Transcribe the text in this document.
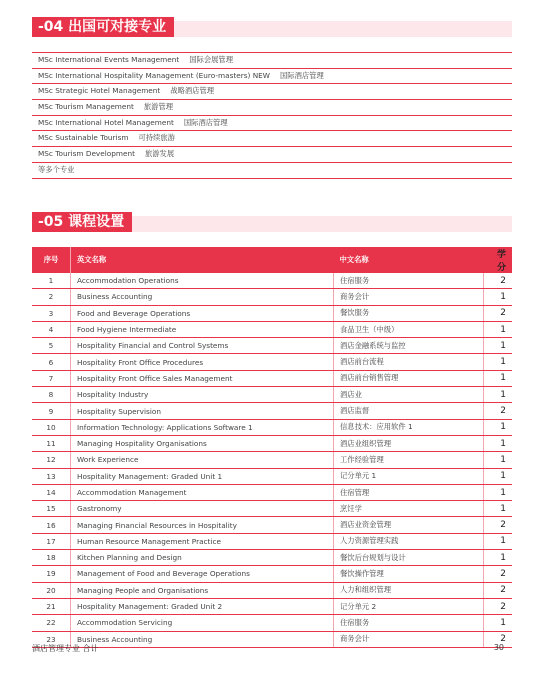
-04 出国可对接专业
MSc International Events Management 国际会展管理
MSc International Hospitality Management (Euro-masters) NEW 国际酒店管理
MSc Strategic Hotel Management 战略酒店管理
MSc Tourism Management 旅游管理
MSc International Hotel Management 国际酒店管理
MSc Sustainable Tourism 可持续旅游
MSc Tourism Development 旅游发展
等多个专业
-05 课程设置
序号	英文名称	中文名称	学分
1	Accommodation Operations	住宿服务	2
2	Business Accounting	商务会计	1
3	Food and Beverage Operations	餐饮服务	2
4	Food Hygiene Intermediate	食品卫生（中级）	1
5	Hospitality Financial and Control Systems	酒店金融系统与监控	1
6	Hospitality Front Office Procedures	酒店前台流程	1
7	Hospitality Front Office Sales Management	酒店前台销售管理	1
8	Hospitality Industry	酒店业	1
9	Hospitality Supervision	酒店监督	2
10	Information Technology: Applications Software 1	信息技术：应用软件 1	1
11	Managing Hospitality Organisations	酒店业组织管理	1
12	Work Experience	工作经验管理	1
13	Hospitality Management: Graded Unit 1	记分单元 1	1
14	Accommodation Management	住宿管理	1
15	Gastronomy	烹饪学	1
16	Managing Financial Resources in Hospitality	酒店业资金管理	2
17	Human Resource Management Practice	人力资源管理实践	1
18	Kitchen Planning and Design	餐饮后台规划与设计	1
19	Management of Food and Beverage Operations	餐饮操作管理	2
20	Managing People and Organisations	人力和组织管理	2
21	Hospitality Management: Graded Unit 2	记分单元 2	2
22	Accommodation Servicing	住宿服务	1
23	Business Accounting	商务会计	2
酒店管理专业 合计	30
